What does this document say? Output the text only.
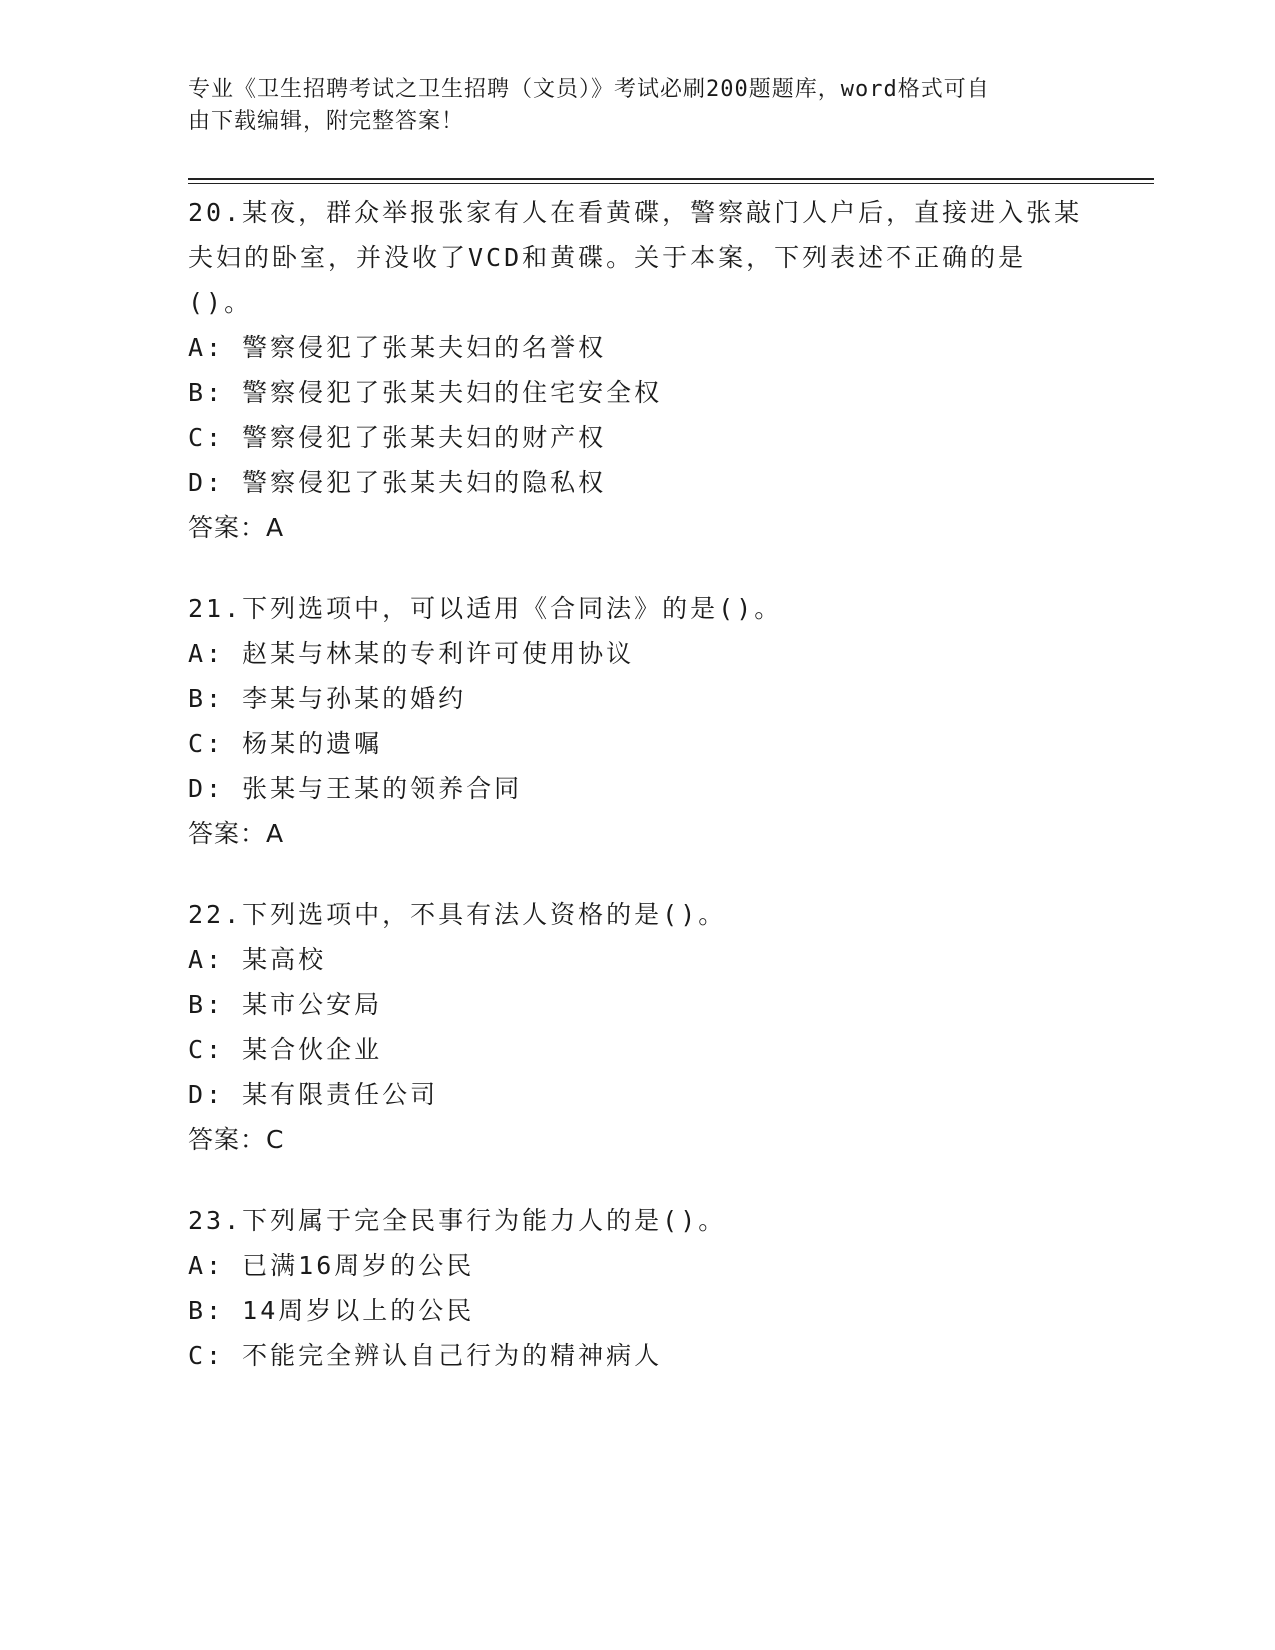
专业《卫生招聘考试之卫生招聘（文员）》考试必刷200题题库，word格式可自
由下载编辑，附完整答案！
20.某夜，群众举报张家有人在看黄碟，警察敲门人户后，直接进入张某夫妇的卧室，并没收了VCD和黄碟。关于本案，下列表述不正确的是()。
A: 警察侵犯了张某夫妇的名誉权
B: 警察侵犯了张某夫妇的住宅安全权
C: 警察侵犯了张某夫妇的财产权
D: 警察侵犯了张某夫妇的隐私权
答案：A
21.下列选项中，可以适用《合同法》的是()。
A: 赵某与林某的专利许可使用协议
B: 李某与孙某的婚约
C: 杨某的遗嘱
D: 张某与王某的领养合同
答案：A
22.下列选项中，不具有法人资格的是()。
A: 某高校
B: 某市公安局
C: 某合伙企业
D: 某有限责任公司
答案：C
23.下列属于完全民事行为能力人的是()。
A: 已满16周岁的公民
B: 14周岁以上的公民
C: 不能完全辨认自己行为的精神病人
